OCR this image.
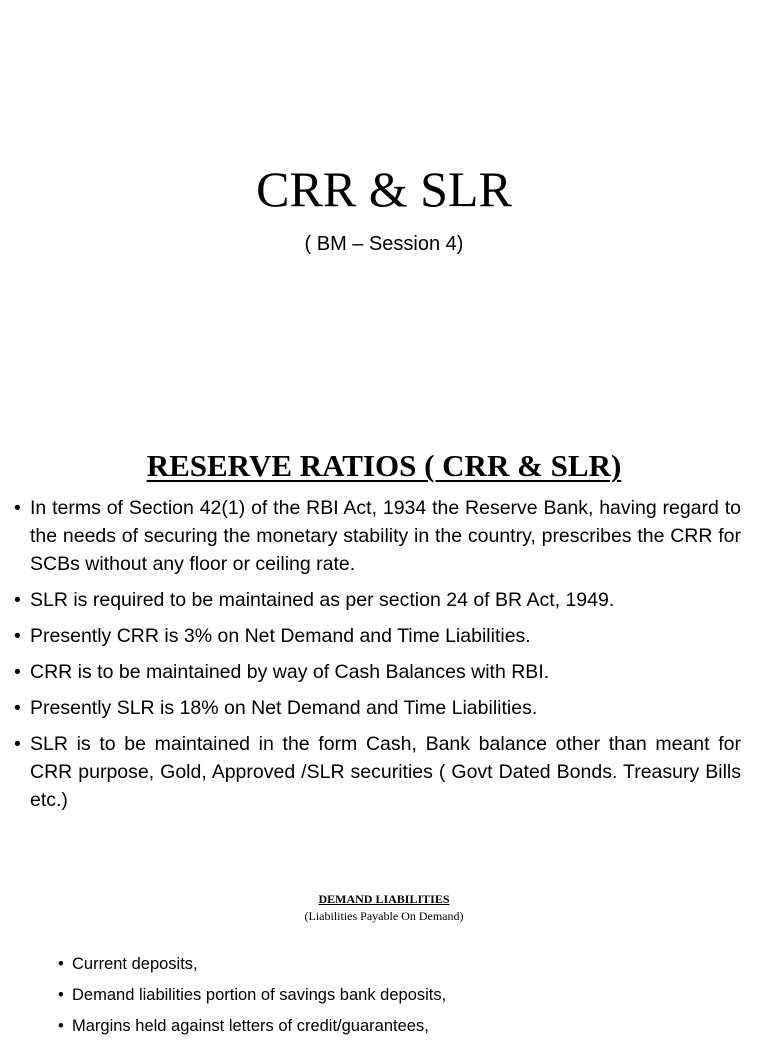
CRR & SLR
( BM – Session 4)
RESERVE RATIOS ( CRR & SLR)
• In terms of Section 42(1) of the RBI Act, 1934 the Reserve Bank, having regard to the needs of securing the monetary stability in the country, prescribes the CRR for SCBs without any floor or ceiling rate.
• SLR is required to be maintained as per section 24 of BR Act, 1949.
• Presently CRR is 3% on Net Demand and Time Liabilities.
• CRR is to be maintained by way of Cash Balances with RBI.
• Presently SLR is 18% on Net Demand and Time Liabilities.
• SLR is to be maintained in the form Cash, Bank balance other than meant for CRR purpose, Gold, Approved /SLR securities ( Govt Dated Bonds. Treasury Bills etc.)
DEMAND LIABILITIES
(Liabilities Payable On Demand)
• Current deposits,
• Demand liabilities portion of savings bank deposits,
• Margins held against letters of credit/guarantees,
